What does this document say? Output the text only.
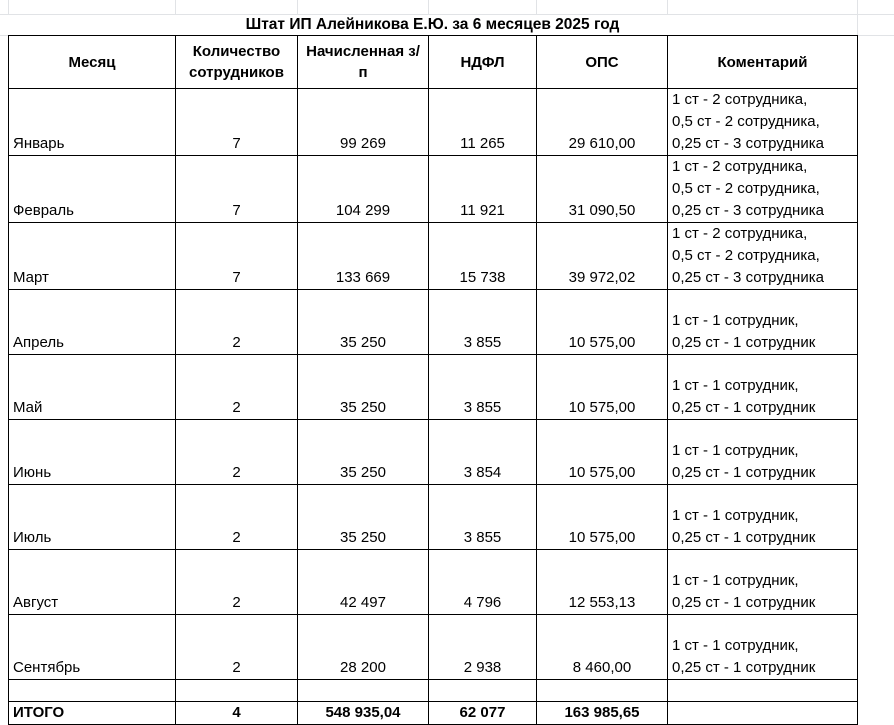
Штат ИП Алейникова Е.Ю. за 6 месяцев 2025 год
Месяц	Количество сотрудников	Начисленная з/п	НДФЛ	ОПС	Коментарий
Январь	7	99 269	11 265	29 610,00	1 ст - 2 сотрудника,
0,5 ст - 2 сотрудника,
0,25 ст - 3 сотрудника

Февраль	7	104 299	11 921	31 090,50	1 ст - 2 сотрудника,
0,5 ст - 2 сотрудника,
0,25 ст - 3 сотрудника

Март	7	133 669	15 738	39 972,02	1 ст - 2 сотрудника,
0,5 ст - 2 сотрудника,
0,25 ст - 3 сотрудника

Апрель	2	35 250	3 855	10 575,00	1 ст - 1 сотрудник,
0,25 ст - 1 сотрудник

Май	2	35 250	3 855	10 575,00	1 ст - 1 сотрудник,
0,25 ст - 1 сотрудник

Июнь	2	35 250	3 854	10 575,00	1 ст - 1 сотрудник,
0,25 ст - 1 сотрудник

Июль	2	35 250	3 855	10 575,00	1 ст - 1 сотрудник,
0,25 ст - 1 сотрудник

Август	2	42 497	4 796	12 553,13	1 ст - 1 сотрудник,
0,25 ст - 1 сотрудник

Сентябрь	2	28 200	2 938	8 460,00	1 ст - 1 сотрудник,
0,25 ст - 1 сотрудник

ИТОГО	4	548 935,04	62 077	163 985,65	
